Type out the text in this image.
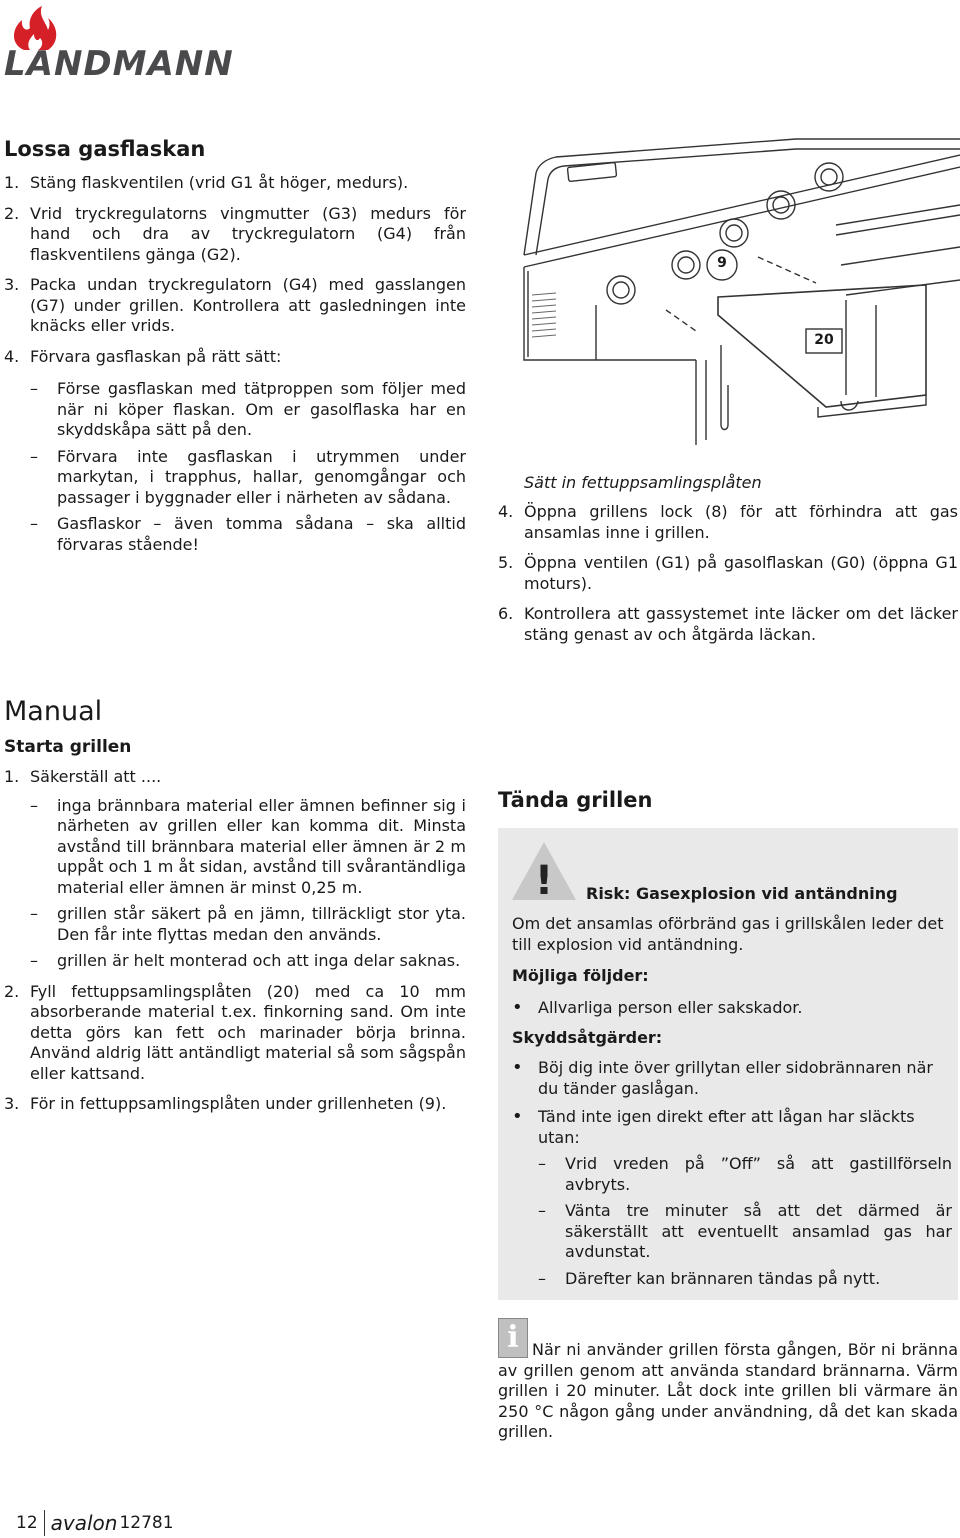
LANDMANN
Lossa gasflaskan
1. Stäng flaskventilen (vrid G1 åt höger, medurs).
2. Vrid tryckregulatorns vingmutter (G3) medurs för hand och dra av tryckregulatorn (G4) från flaskventilens gänga (G2).
3. Packa undan tryckregulatorn (G4) med gasslangen (G7) under grillen. Kontrollera att gasledningen inte knäcks eller vrids.
4. Förvara gasflaskan på rätt sätt:
–	Förse gasflaskan med tätproppen som följer med när ni köper flaskan. Om er gasolflaska har en skyddskåpa sätt på den.
–	Förvara inte gasflaskan i utrymmen under markytan, i trapphus, hallar, genomgångar och passager i byggnader eller i närheten av sådana.
–	Gasflaskor – även tomma sådana – ska alltid förvaras stående!
9
20
Sätt in fettuppsamlingsplåten
4. Öppna grillens lock (8) för att förhindra att gas ansamlas inne i grillen.
5. Öppna ventilen (G1) på gasolflaskan (G0) (öppna G1 moturs).
6. Kontrollera att gassystemet inte läcker om det läcker stäng genast av och åtgärda läckan.
Manual
Starta grillen
1. Säkerställ att ....
–	inga brännbara material eller ämnen befinner sig i närheten av grillen eller kan komma dit. Minsta avstånd till brännbara material eller ämnen är 2 m uppåt och 1 m åt sidan, avstånd till svårantändliga material eller ämnen är minst 0,25 m.
–	grillen står säkert på en jämn, tillräckligt stor yta. Den får inte flyttas medan den används.
–	grillen är helt monterad och att inga delar saknas.
2. Fyll fettuppsamlingsplåten (20) med ca 10 mm absorberande material t.ex. finkorning sand. Om inte detta görs kan fett och marinader börja brinna. Använd aldrig lätt antändligt material så som sågspån eller kattsand.
3. För in fettuppsamlingsplåten under grillenheten (9).
Tända grillen
! Risk: Gasexplosion vid antändning
Om det ansamlas oförbränd gas i grillskålen leder det till explosion vid antändning.
Möjliga följder:
• Allvarliga person eller sakskador.
Skyddsåtgärder:
• Böj dig inte över grillytan eller sidobrännaren när du tänder gaslågan.
• Tänd inte igen direkt efter att lågan har släckts utan:
–	Vrid vreden på ”Off” så att gastillförseln avbryts.
–	Vänta tre minuter så att det därmed är säkerställt att eventuellt ansamlad gas har avdunstat.
–	Därefter kan brännaren tändas på nytt.
i När ni använder grillen första gången, Bör ni bränna av grillen genom att använda standard brännarna. Värm grillen i 20 minuter. Låt dock inte grillen bli värmare än 250 °C någon gång under användning, då det kan skada grillen.
12 avalon 12781
